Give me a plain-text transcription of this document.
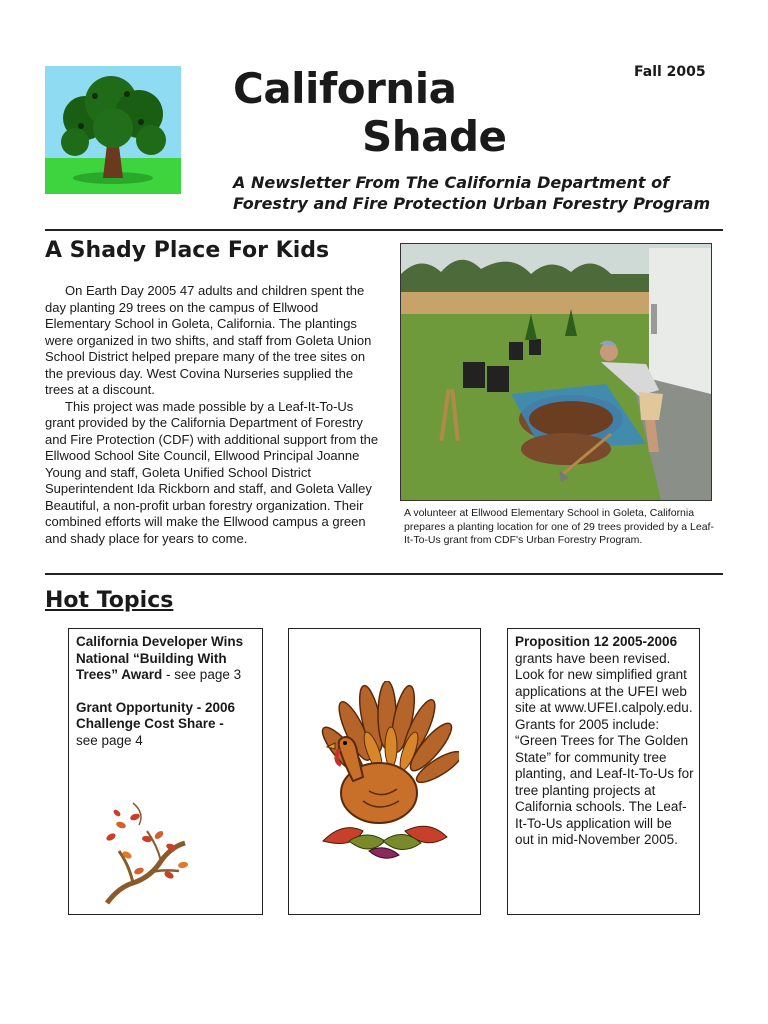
California
Shade
Fall 2005
A Newsletter From The California Department of
Forestry and Fire Protection Urban Forestry Program
A Shady Place For Kids

On Earth Day 2005 47 adults and children spent the day planting 29 trees on the campus of Ellwood Elementary School in Goleta, California. The plantings were organized in two shifts, and staff from Goleta Union School District helped prepare many of the tree sites on the previous day. West Covina Nurseries supplied the trees at a discount.

This project was made possible by a Leaf-It-To-Us grant provided by the California Department of Forestry and Fire Protection (CDF) with additional support from the Ellwood School Site Council, Ellwood Principal Joanne Young and staff, Goleta Unified School District Superintendent Ida Rickborn and staff, and Goleta Valley Beautiful, a non-profit urban forestry organization. Their combined efforts will make the Ellwood campus a green and shady place for years to come.

A volunteer at Ellwood Elementary School in Goleta, California prepares a planting location for one of 29 trees provided by a Leaf-It-To-Us grant from CDF's Urban Forestry Program.
Hot Topics
California Developer Wins National “Building With Trees” Award - see page 3
Grant Opportunity - 2006 Challenge Cost Share -
see page 4
Proposition 12 2005-2006
grants have been revised. Look for new simplified grant applications at the UFEI web site at www.UFEI.calpoly.edu. Grants for 2005 include: “Green Trees for The Golden State” for community tree planting, and Leaf-It-To-Us for tree planting projects at California schools. The Leaf-It-To-Us application will be out in mid-November 2005.
